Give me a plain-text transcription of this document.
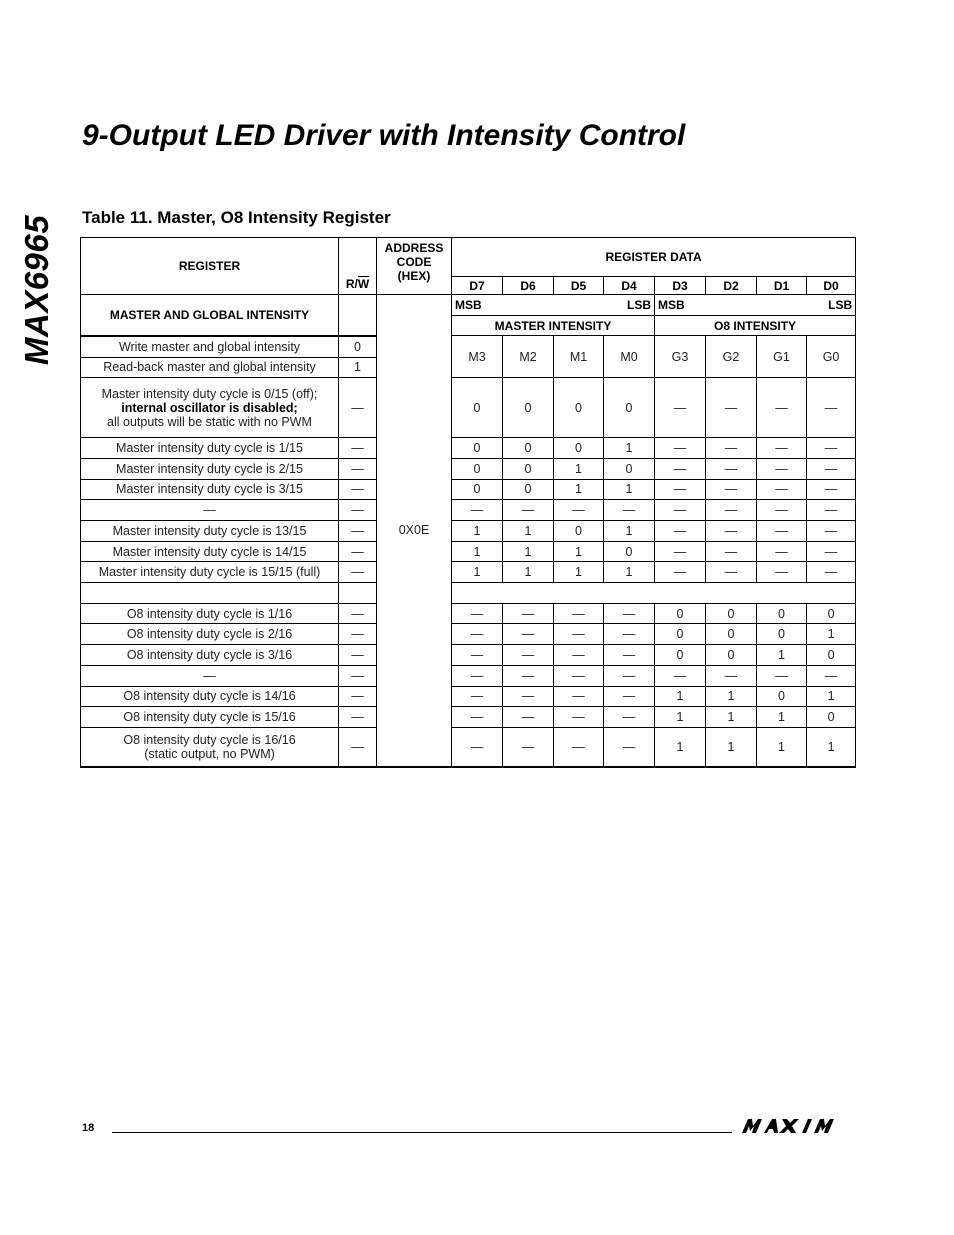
MAX6965
9-Output LED Driver with Intensity Control
Table 11. Master, O8 Intensity Register
REGISTER	$R/\overline{W}$	ADDRESS
CODE
(HEX)	REGISTER DATA							
			D7	D6	D5	D4	D3	D2	D1	D0
MASTER AND GLOBAL INTENSITY		0X0E	MSB LSB				MSB LSB			

			MASTER INTENSITY				O8 INTENSITY			
Write master and global intensity	0		M3	M2	M1	M0	G3	G2	G1	G0
Read-back master and global intensity	1									

Master intensity duty cycle is 0/15 (off);
internal oscillator is disabled;
all outputs will be static with no PWM	—		0	0	0	0	—	—	—	—
Master intensity duty cycle is 1/15	—		0	0	0	1	—	—	—	—
Master intensity duty cycle is 2/15	—		0	0	1	0	—	—	—	—
Master intensity duty cycle is 3/15	—		0	0	1	1	—	—	—	—
—	—		—	—	—	—	—	—	—	—
Master intensity duty cycle is 13/15	—		1	1	0	1	—	—	—	—
Master intensity duty cycle is 14/15	—		1	1	1	0	—	—	—	—
Master intensity duty cycle is 15/15 (full)	—		1	1	1	1	—	—	—	—

O8 intensity duty cycle is 1/16	—		—	—	—	—	0	0	0	0
O8 intensity duty cycle is 2/16	—		—	—	—	—	0	0	0	1
O8 intensity duty cycle is 3/16	—		—	—	—	—	0	0	1	0
—	—		—	—	—	—	—	—	—	—
O8 intensity duty cycle is 14/16	—		—	—	—	—	1	1	0	1
O8 intensity duty cycle is 15/16	—		—	—	—	—	1	1	1	0

O8 intensity duty cycle is 16/16
(static output, no PWM)	—		—	—	—	—	1	1	1	1
18
MAXIM
